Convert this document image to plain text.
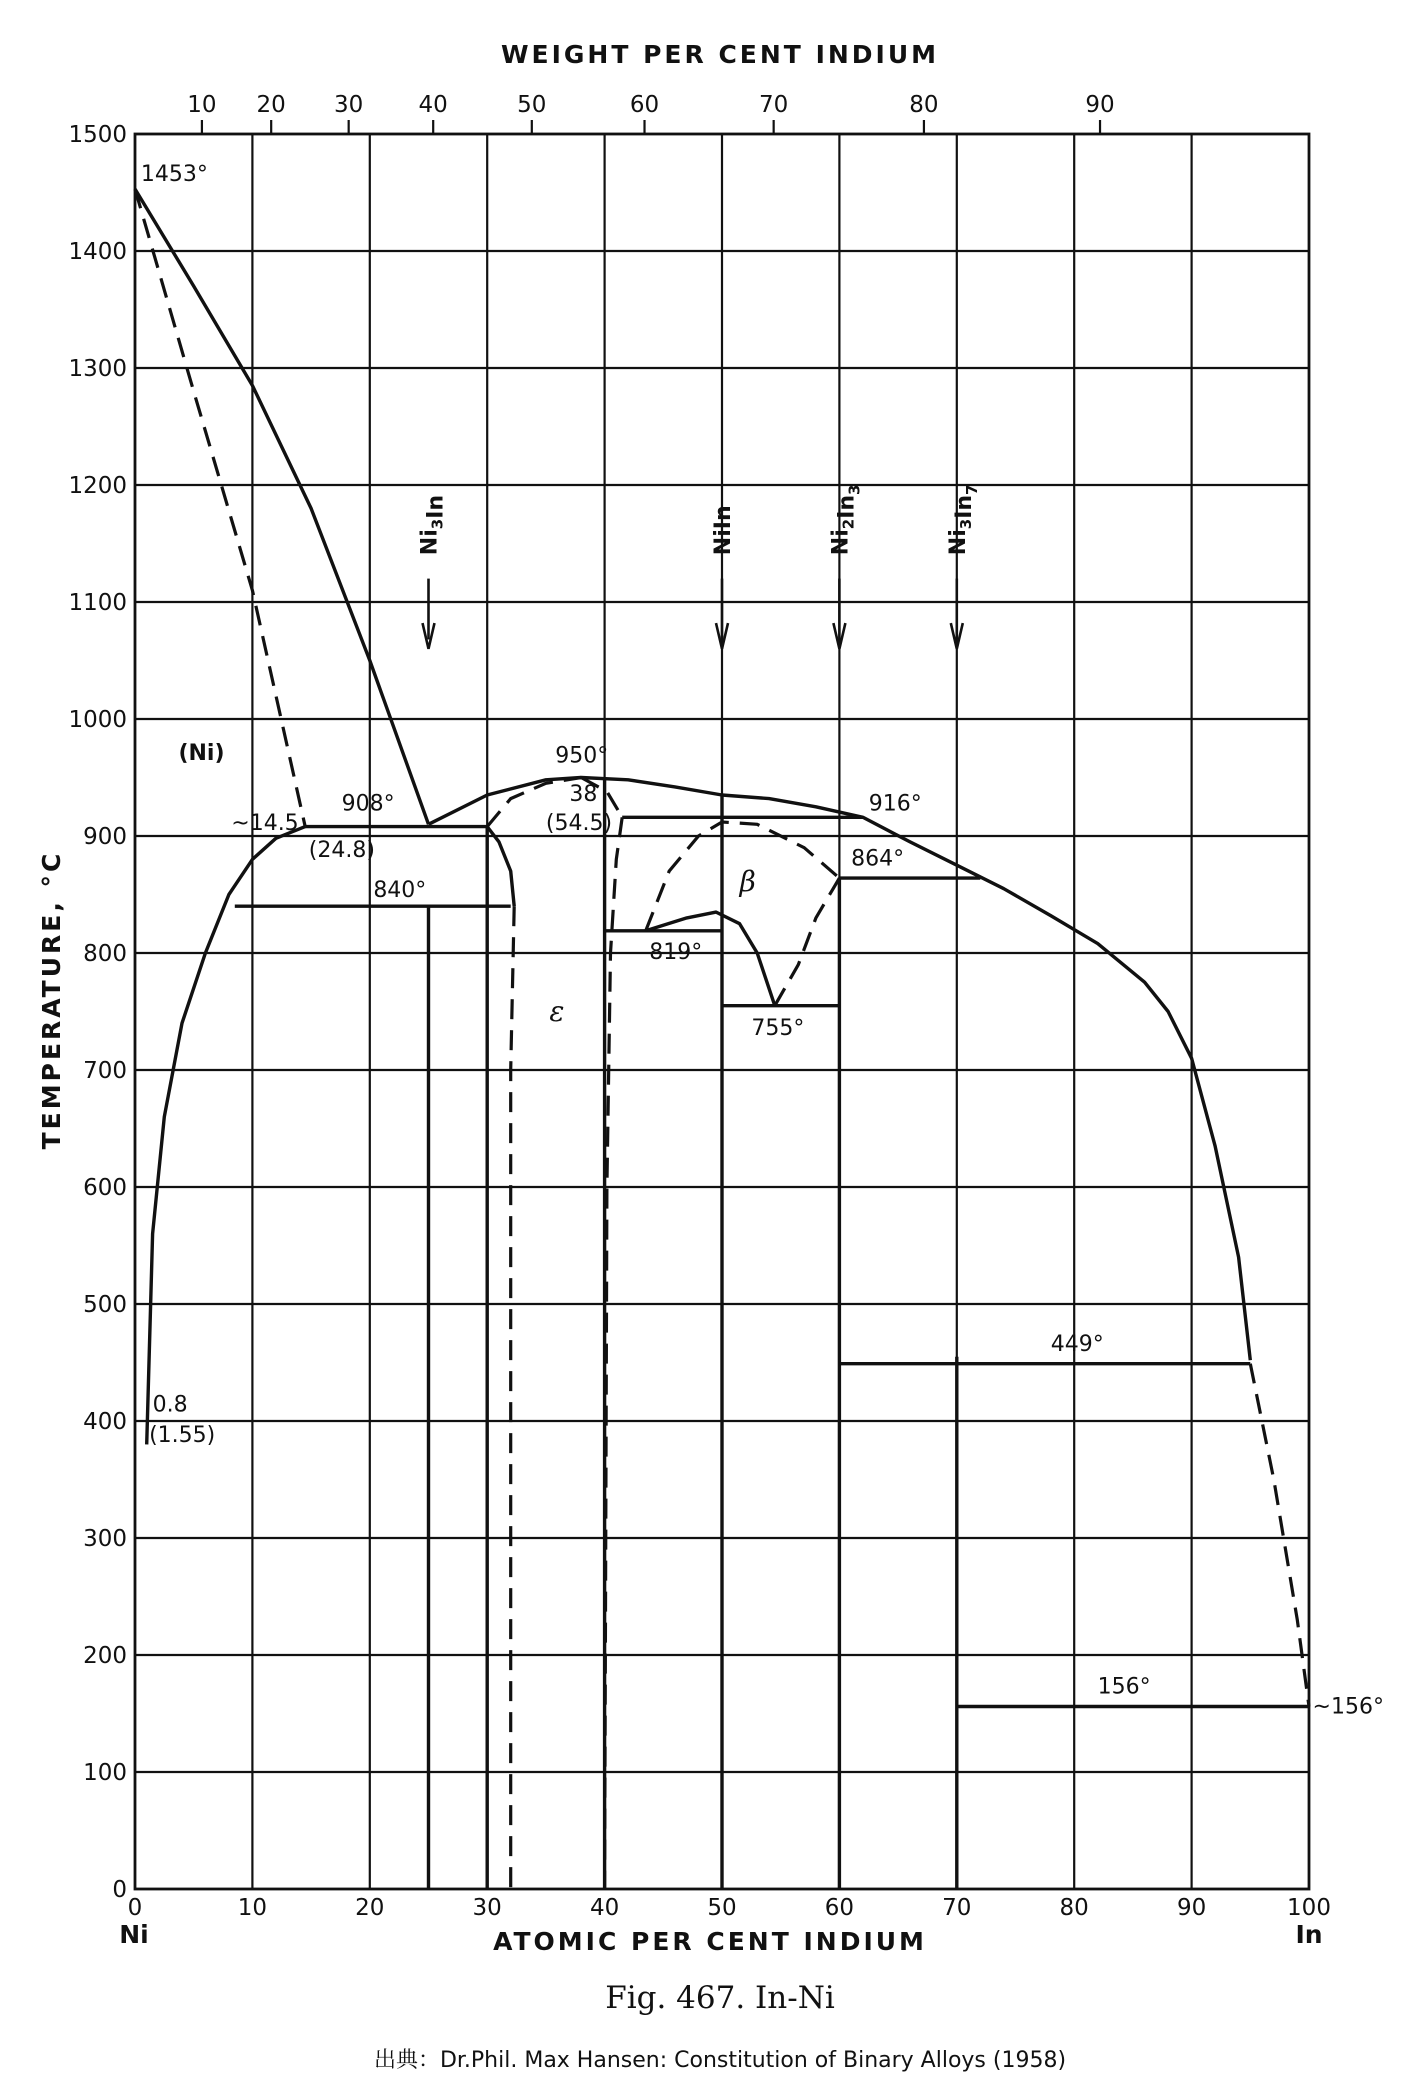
WEIGHT PER CENT INDIUM
10 20 30 40	50	60	70	80	90
0
100
200
300
400
500
600
700
800
900
1000
1100
1200
1300
1400
1500
0	10	20	30	40	50	60	70	80	90	100
TEMPERATURE, °C
$Ni_3In$
NiIn
$Ni_2In_3$
$Ni_3In_7$
1453°
(Ni)
~14.5
908°
(24.8)
840°
950°
38
(54.5)
916°
β
864°
819°
ε
755°
449°
0.8
(1.55)
156°
~156°
Ni	In
ATOMIC PER CENT INDIUM
Fig. 467. In-Ni
出典：Dr.Phil. Max Hansen: Constitution of Binary Alloys (1958)
